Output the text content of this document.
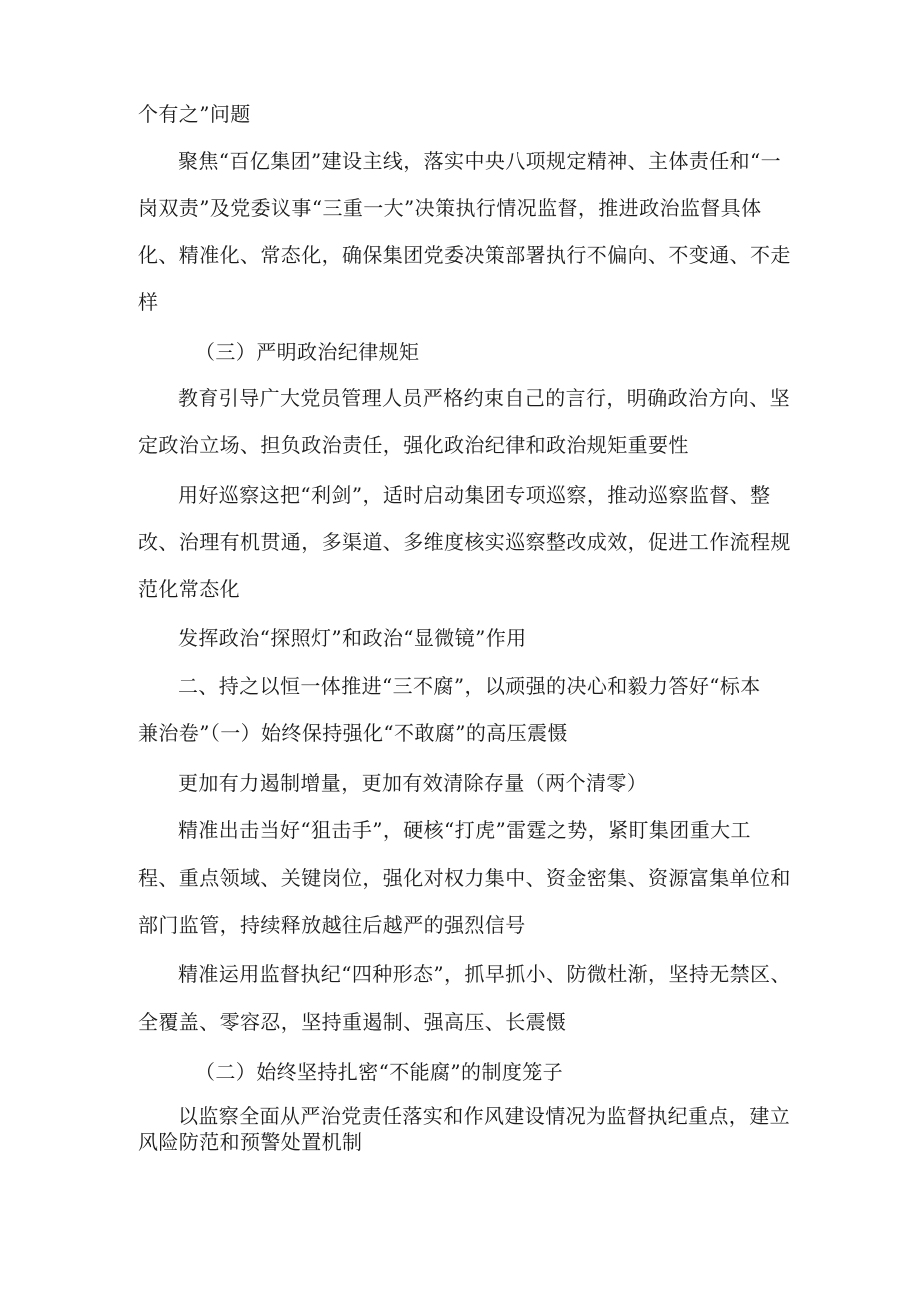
个有之”问题
聚焦“百亿集团”建设主线，落实中央八项规定精神、主体责任和“一
岗双责”及党委议事“三重一大”决策执行情况监督，推进政治监督具体
化、精准化、常态化，确保集团党委决策部署执行不偏向、不变通、不走
样
（三）严明政治纪律规矩
教育引导广大党员管理人员严格约束自己的言行，明确政治方向、坚
定政治立场、担负政治责任，强化政治纪律和政治规矩重要性
用好巡察这把“利剑”，适时启动集团专项巡察，推动巡察监督、整
改、治理有机贯通，多渠道、多维度核实巡察整改成效，促进工作流程规
范化常态化
发挥政治“探照灯”和政治“显微镜”作用
二、持之以恒一体推进“三不腐”，以顽强的决心和毅力答好“标本
兼治卷”（一）始终保持强化“不敢腐”的高压震慑
更加有力遏制增量，更加有效清除存量（两个清零）
精准出击当好“狙击手”，硬核“打虎”雷霆之势，紧盯集团重大工
程、重点领域、关键岗位，强化对权力集中、资金密集、资源富集单位和
部门监管，持续释放越往后越严的强烈信号
精准运用监督执纪“四种形态”，抓早抓小、防微杜渐，坚持无禁区、
全覆盖、零容忍，坚持重遏制、强高压、长震慑
（二）始终坚持扎密“不能腐”的制度笼子
以监察全面从严治党责任落实和作风建设情况为监督执纪重点，建立
风险防范和预警处置机制
